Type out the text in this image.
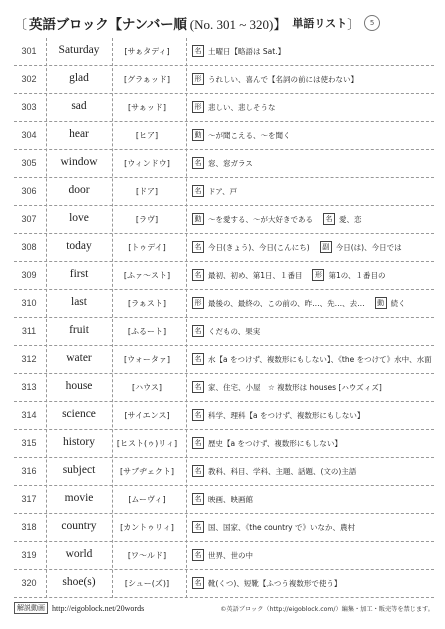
〔 英語ブロック【ナンバー順 (No. 301 ~ 320)】 単語リスト 〕	5
301	Saturday	[サぁタディ]	名 土曜日【略語は Sat.】
302	glad	[グラぁッド]	形 うれしい、喜んで【名詞の前には使わない】
303	sad	[サぁッド]	形 悲しい、悲しそうな
304	hear	[ヒア]	動 〜が聞こえる、〜を聞く
305	window	[ウィンドウ]	名 窓、窓ガラス
306	door	[ドア]	名 ドア、戸
307	love	[ラヴ]	動 〜を愛する、〜が大好きである	名 愛、恋
308	today	[トゥデイ]	名 今日(きょう)、今日(こんにち)	副 今日(は)、今日では
309	first	[ふァ〜スト]	名 最初、初め、第1日、１番目	形 第1の、１番目の
310	last	[ラぁスト]	形 最後の、最終の、この前の、昨…、先…、去…	動 続く
311	fruit	[ふるート]	名 くだもの、果実
312	water	[ウォータァ]	名 水【a をつけず、複数形にもしない】、《the をつけて》水中、水面
313	house	[ハウス]	名 家、住宅、小屋　☆ 複数形は houses [ハウズィズ]
314	science	[サイエンス]	名 科学、理科【a をつけず、複数形にもしない】
315	history	[ヒスト(ゥ)リィ]	名 歴史【a をつけず、複数形にもしない】
316	subject	[サブヂェクト]	名 教科、科目、学科、主題、話題、(文の)主語
317	movie	[ムーヴィ]	名 映画、映画館
318	country	[カントゥリィ]	名 国、国家、《the country で》いなか、農村
319	world	[ワ〜ルド]	名 世界、世の中
320	shoe(s)	[シュー(ズ)]	名 靴(くつ)、短靴【ふつう複数形で使う】
解説動画 http://eigoblock.net/20words	©英語ブロック（http://eigoblock.com/）編集・加工・販売等を禁じます。
